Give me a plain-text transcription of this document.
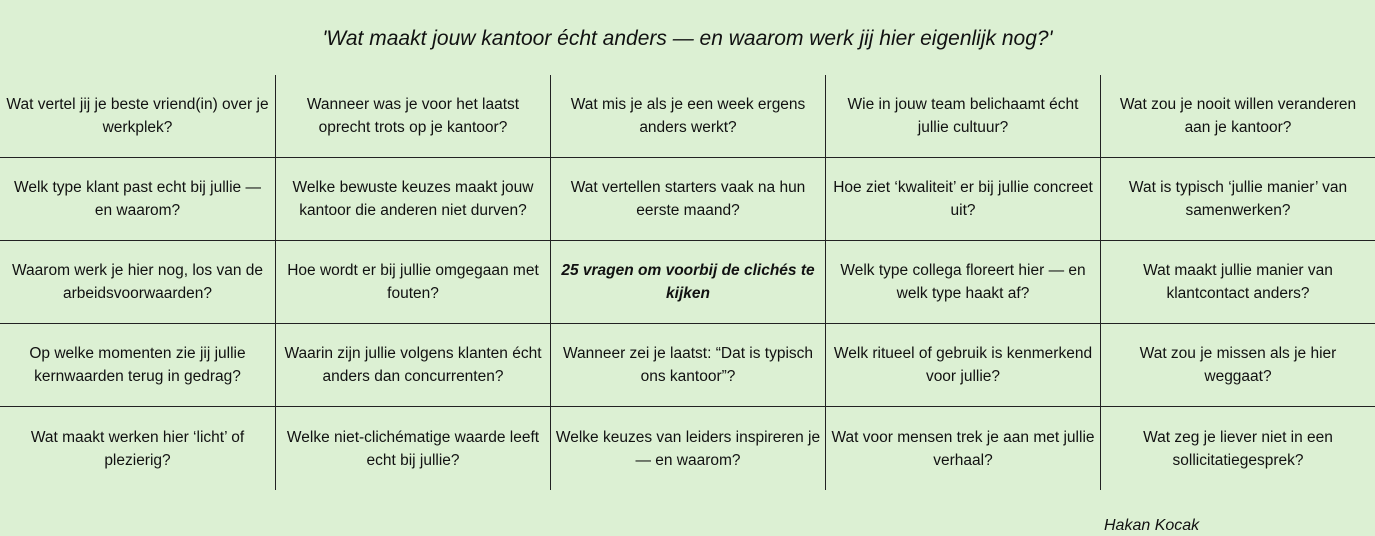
'Wat maakt jouw kantoor écht anders — en waarom werk jij hier eigenlijk nog?'
Wat vertel jij je beste vriend(in) over je werkplek?
Wanneer was je voor het laatst oprecht trots op je kantoor?
Wat mis je als je een week ergens anders werkt?
Wie in jouw team belichaamt écht jullie cultuur?
Wat zou je nooit willen veranderen aan je kantoor?
Welk type klant past echt bij jullie — en waarom?
Welke bewuste keuzes maakt jouw kantoor die anderen niet durven?
Wat vertellen starters vaak na hun eerste maand?
Hoe ziet ‘kwaliteit’ er bij jullie concreet uit?
Wat is typisch ‘jullie manier’ van samenwerken?
Waarom werk je hier nog, los van de arbeidsvoorwaarden?
Hoe wordt er bij jullie omgegaan met fouten?
25 vragen om voorbij de clichés te kijken
Welk type collega floreert hier — en welk type haakt af?
Wat maakt jullie manier van klantcontact anders?
Op welke momenten zie jij jullie kernwaarden terug in gedrag?
Waarin zijn jullie volgens klanten écht anders dan concurrenten?
Wanneer zei je laatst: “Dat is typisch ons kantoor”?
Welk ritueel of gebruik is kenmerkend voor jullie?
Wat zou je missen als je hier weggaat?
Wat maakt werken hier ‘licht’ of plezierig?
Welke niet-clichématige waarde leeft echt bij jullie?
Welke keuzes van leiders inspireren je — en waarom?
Wat voor mensen trek je aan met jullie verhaal?
Wat zeg je liever niet in een sollicitatiegesprek?
Hakan Kocak
